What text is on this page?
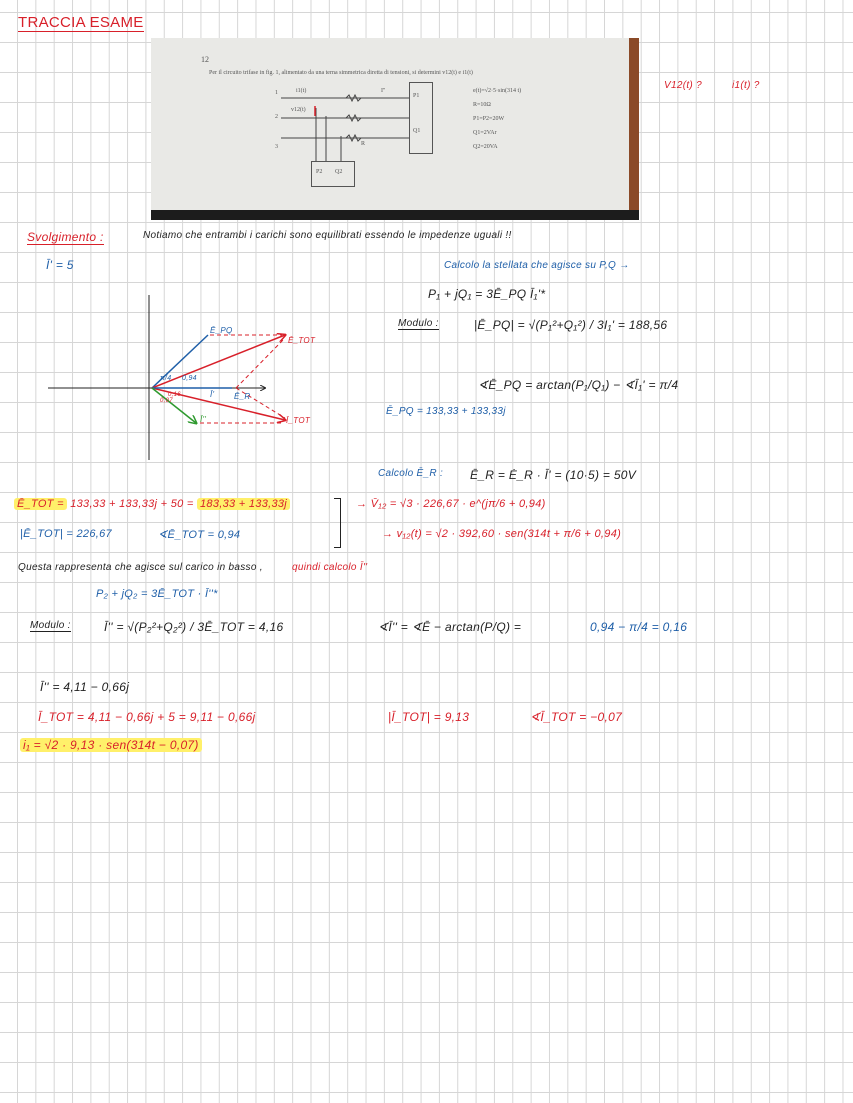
TRACCIA ESAME
12
Per il circuito trifase in fig. 1, alimentato da una terna simmetrica diretta di tensioni, si determini v12(t) e i1(t)
P1
Q1
P2 Q2
i1(t)
v12(t)
I''
R
1
2
3
e(t)=√2·5·sin(314 t)
R=10Ω
P1=P2=20W
Q1=2VAr
Q2=20VA
V12(t) ?	i1(t) ?
Svolgimento :	Notiamo che entrambi i carichi sono equilibrati essendo le impedenze uguali !!
Ī' = 5
Ē_PQ
Ē_TOT
Ī_TOT
Ī' Ē_R
Ī''
π/4 0,94
0,16
0,07
Calcolo la stellata che agisce su P,Q →
P₁ + jQ₁ = 3Ē_PQ Ī₁'*
Modulo :	|Ē_PQ| = √(P₁²+Q₁²) / 3I₁' = 188,56
∢Ē_PQ = arctan(P₁/Q₁) − ∢Ī₁' = π/4
Ē_PQ = 133,33 + 133,33j
Calcolo Ē_R : Ē_R = Ė_R · Ī' = (10·5) = 50V
Ē_TOT = 133,33 + 133,33j + 50 = 183,33 + 133,33j
|Ē_TOT| = 226,67	∢Ē_TOT = 0,94
→ V̄₁₂ = √3 · 226,67 · e^(jπ/6 + 0,94)
→ v₁₂(t) = √2 · 392,60 · sen(314t + π/6 + 0,94)
Questa rappresenta che agisce sul carico in basso ,	quindi calcolo Ī''
P₂ + jQ₂ = 3Ē_TOT · Ī''*
Modulo :	Ī'' = √(P₂²+Q₂²) / 3Ē_TOT = 4,16	∢Ī'' = ∢Ē − arctan(P/Q) =	0,94 − π/4 = 0,16
Ī'' = 4,11 − 0,66j
Ī_TOT = 4,11 − 0,66j + 5 = 9,11 − 0,66j	|Ī_TOT| = 9,13	∢Ī_TOT = −0,07
i₁ = √2 · 9,13 · sen(314t − 0,07)
